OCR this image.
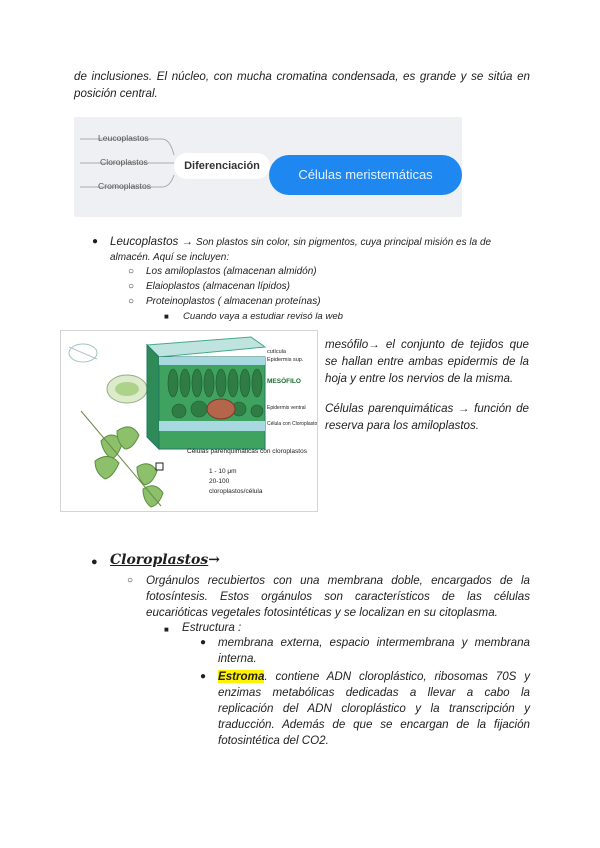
de inclusiones. El núcleo, con mucha cromatina condensada, es grande y se sitúa en posición central.
Leucoplastos
Cloroplastos
Cromoplastos
Diferenciación
Células meristemáticas
● Leucoplastos → Son plastos sin color, sin pigmentos, cuya principal misión es la de
almacén. Aquí se incluyen:
○ Los amiloplastos (almacenan almidón)
○ Elaioplastos (almacenan lípidos)
○ Proteinoplastos ( almacenan proteínas)
■ Cuando vaya a estudiar revisó la web
cutícula
Epidermis sup.
MESÓFILO
Epidermis ventral
Célula con Cloroplastos
Células parenquimáticas con cloroplastos
1 - 10 μm
20-100
cloroplastos/célula
mesófilo→ el conjunto de tejidos que se hallan entre ambas epidermis de la hoja y entre los nervios de la misma.
Células parenquimáticas → función de reserva para los amiloplastos.
● Cloroplastos→
○ Orgánulos recubiertos con una membrana doble, encargados de la fotosíntesis. Estos orgánulos son característicos de las células eucarióticas vegetales fotosintéticas y se localizan en su citoplasma.
■ Estructura :
● membrana externa, espacio intermembrana y membrana interna.
● Estroma. contiene ADN cloroplástico, ribosomas 70S y enzimas metabólicas dedicadas a llevar a cabo la replicación del ADN cloroplástico y la transcripción y traducción. Además de que se encargan de la fijación fotosintética del CO2.
